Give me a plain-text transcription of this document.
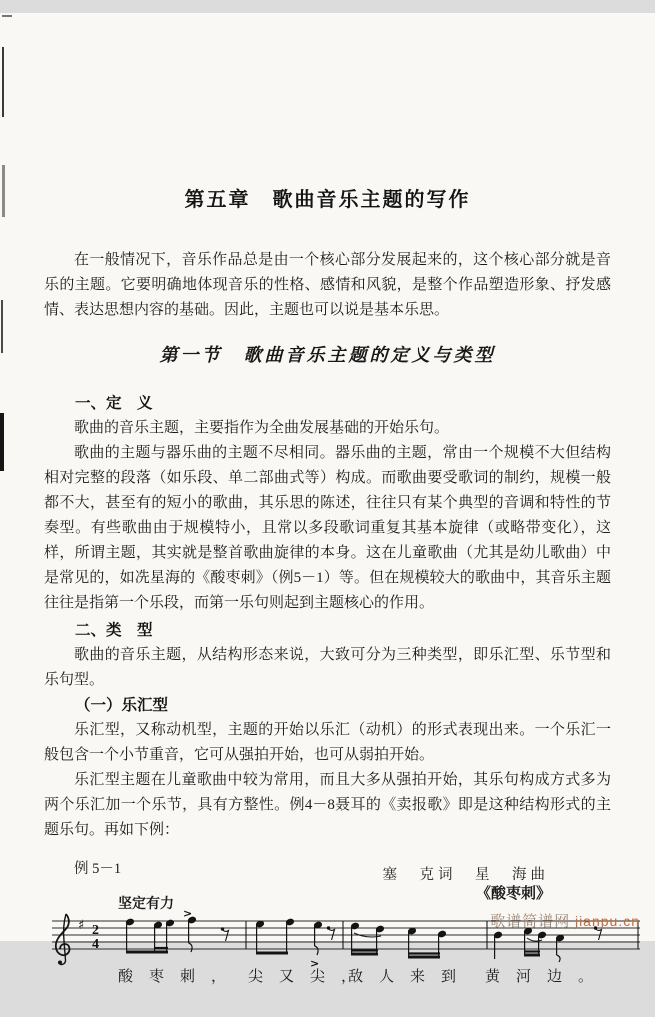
第五章　歌曲音乐主题的写作

在一般情况下，音乐作品总是由一个核心部分发展起来的，这个核心部分就是音乐的主题。它要明确地体现音乐的性格、感情和风貌，是整个作品塑造形象、抒发感情、表达思想内容的基础。因此，主题也可以说是基本乐思。

第一节　歌曲音乐主题的定义与类型
一、定　义

歌曲的音乐主题，主要指作为全曲发展基础的开始乐句。

歌曲的主题与器乐曲的主题不尽相同。器乐曲的主题，常由一个规模不大但结构相对完整的段落（如乐段、单二部曲式等）构成。而歌曲要受歌词的制约，规模一般都不大，甚至有的短小的歌曲，其乐思的陈述，往往只有某个典型的音调和特性的节奏型。有些歌曲由于规模特小，且常以多段歌词重复其基本旋律（或略带变化），这样，所谓主题，其实就是整首歌曲旋律的本身。这在儿童歌曲（尤其是幼儿歌曲）中是常见的，如冼星海的《酸枣刺》（例5－1）等。但在规模较大的歌曲中，其音乐主题往往是指第一个乐段，而第一乐句则起到主题核心的作用。

二、类　型

歌曲的音乐主题，从结构形态来说，大致可分为三种类型，即乐汇型、乐节型和乐句型。

（一）乐汇型

乐汇型，又称动机型，主题的开始以乐汇（动机）的形式表现出来。一个乐汇一般包含一个小节重音，它可从强拍开始，也可从弱拍开始。

乐汇型主题在儿童歌曲中较为常用，而且大多从强拍开始，其乐句构成方式多为两个乐汇加一个乐节，具有方整性。例4－8聂耳的《卖报歌》即是这种结构形式的主题乐句。再如下例：

例 5－1	塞　克词　星　海曲
《酸枣刺》
坚定有力
♯ 2
4
>
>
酸枣刺， 尖又尖，
敌人来到 黄河边。
歌谱简谱网 jianpu.cn
